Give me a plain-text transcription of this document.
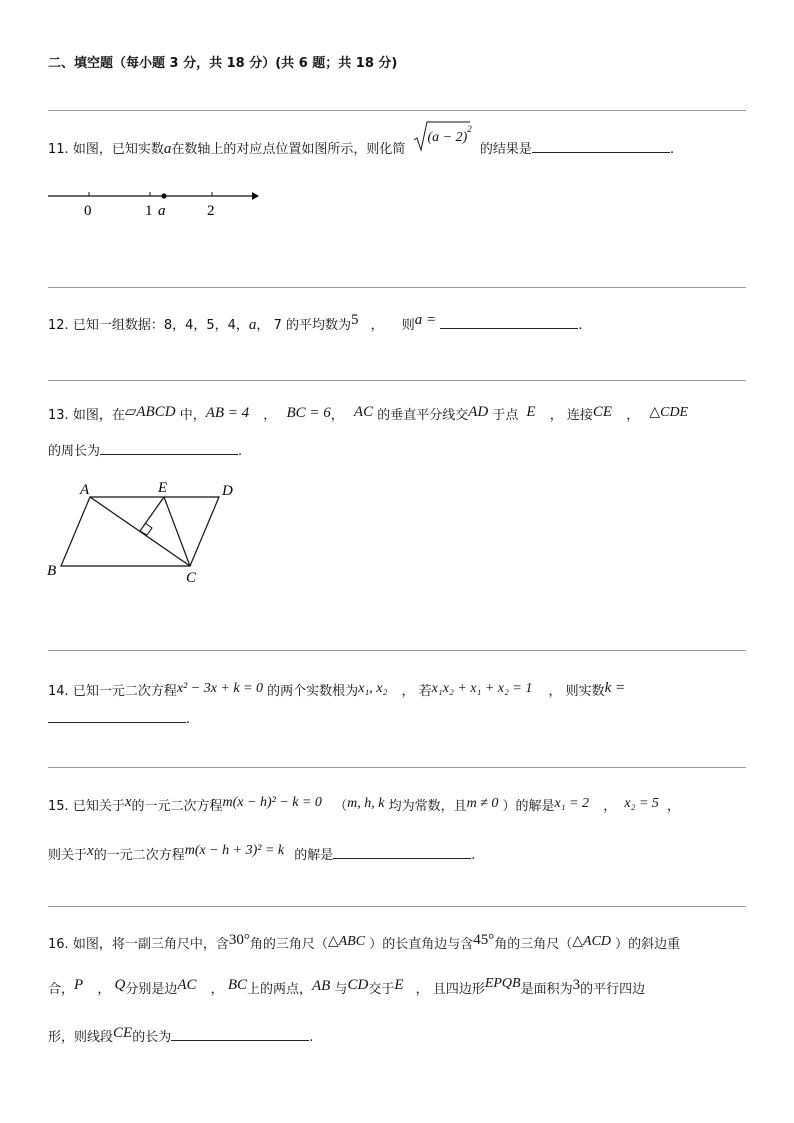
二、填空题（每小题 3 分，共 18 分）(共 6 题；共 18 分)
11. 如图，已知实数a在数轴上的对应点位置如图所示，则化简
$(a - 2)^2$ 的结果是	.
0	1 a	2
12. 已知一组数据：8，4，5，4，a， 7 的平均数为5 ， 则a =	.
13. 如图，在▱ABCD 中，AB = 4 ， BC = 6， AC 的垂直平分线交AD 于点 E ， 连接CE ， △CDE
的周长为	.
A	E	D
B	C
14. 已知一元二次方程x² − 3x + k = 0 的两个实数根为x₁, x₂ ， 若x₁x₂ + x₁ + x₂ = 1 ， 则实数k =
.
15. 已知关于x的一元二次方程m(x − h)² − k = 0 （m, h, k 均为常数，且m ≠ 0 ）的解是x₁ = 2 ， x₂ = 5 ，
则关于x的一元二次方程m(x − h + 3)² = k 的解是	.
16. 如图，将一副三角尺中，含30°角的三角尺（△ABC ）的长直角边与含45°角的三角尺（△ACD ）的斜边重
合，P ， Q分别是边AC ， BC上的两点，AB 与CD交于E ， 且四边形EPQB是面积为3的平行四边
形，则线段CE的长为	.
